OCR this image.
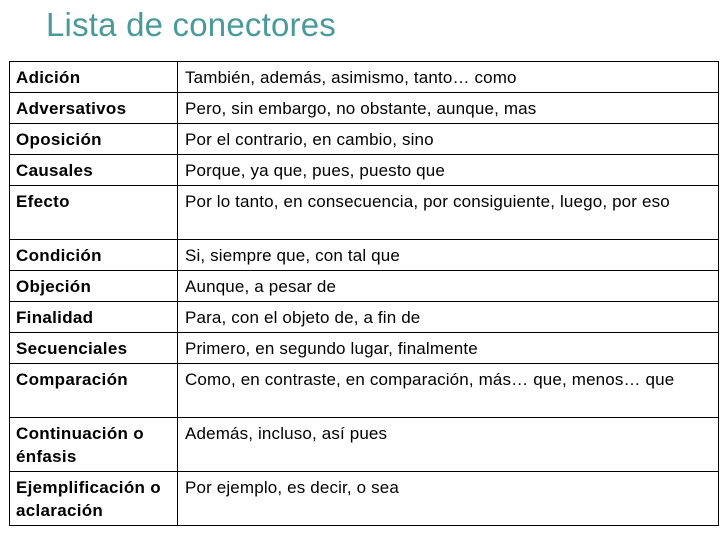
Lista de conectores
Adición	También, además, asimismo, tanto… como
Adversativos	Pero, sin embargo, no obstante, aunque, mas
Oposición	Por el contrario, en cambio, sino
Causales	Porque, ya que, pues, puesto que
Efecto	Por lo tanto, en consecuencia, por consiguiente, luego, por eso
Condición	Si, siempre que, con tal que
Objeción	Aunque, a pesar de
Finalidad	Para, con el objeto de, a fin de
Secuenciales	Primero, en segundo lugar, finalmente
Comparación	Como, en contraste, en comparación, más… que, menos… que
Continuación o énfasis	Además, incluso, así pues
Ejemplificación o aclaración	Por ejemplo, es decir, o sea
